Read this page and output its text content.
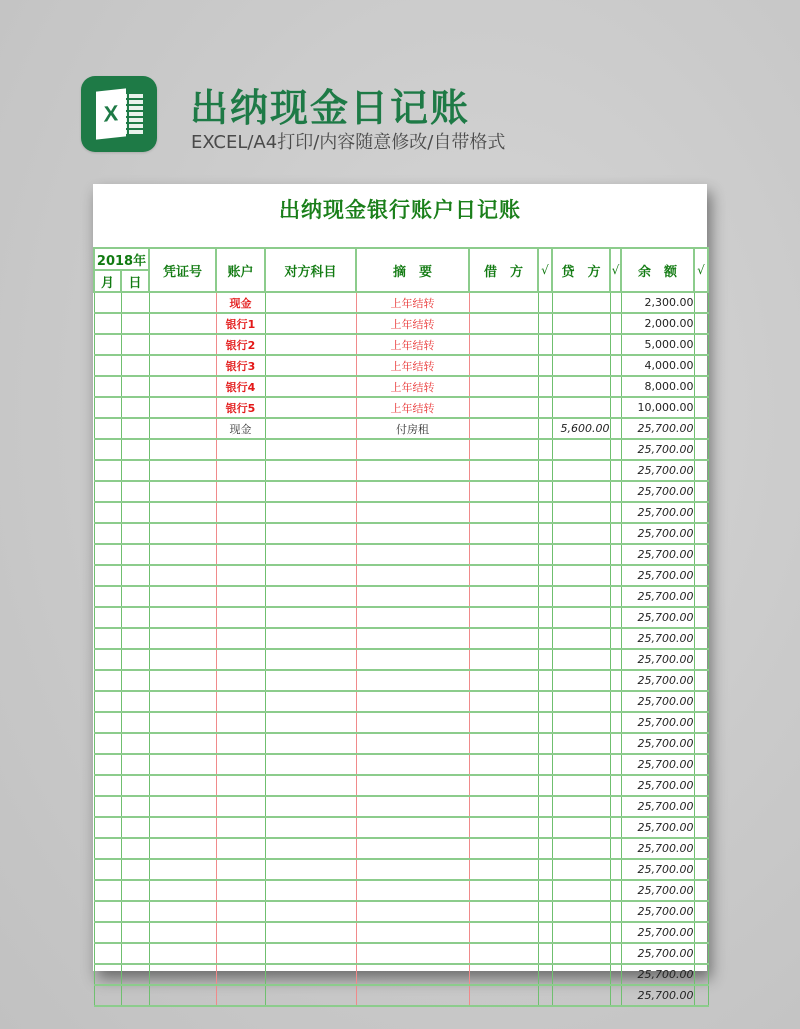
X 出纳现金日记账
EXCEL/A4打印/内容随意修改/自带格式
出纳现金银行账户日记账
2018年		凭证号	账户	对方科目	摘　要	借　方	√	贷　方	√	余　额	√
月	日										
			现金		上年结转					2,300.00	
			银行1		上年结转					2,000.00	
			银行2		上年结转					5,000.00	
			银行3		上年结转					4,000.00	
			银行4		上年结转					8,000.00	
			银行5		上年结转					10,000.00	
			现金		付房租			5,600.00		25,700.00	
										25,700.00	
										25,700.00	
										25,700.00	
										25,700.00	
										25,700.00	
										25,700.00	
										25,700.00	
										25,700.00	
										25,700.00	
										25,700.00	
										25,700.00	
										25,700.00	
										25,700.00	
										25,700.00	
										25,700.00	
										25,700.00	
										25,700.00	
										25,700.00	
										25,700.00	
										25,700.00	
										25,700.00	
										25,700.00	
										25,700.00	
										25,700.00	
										25,700.00	
										25,700.00	
										25,700.00	
